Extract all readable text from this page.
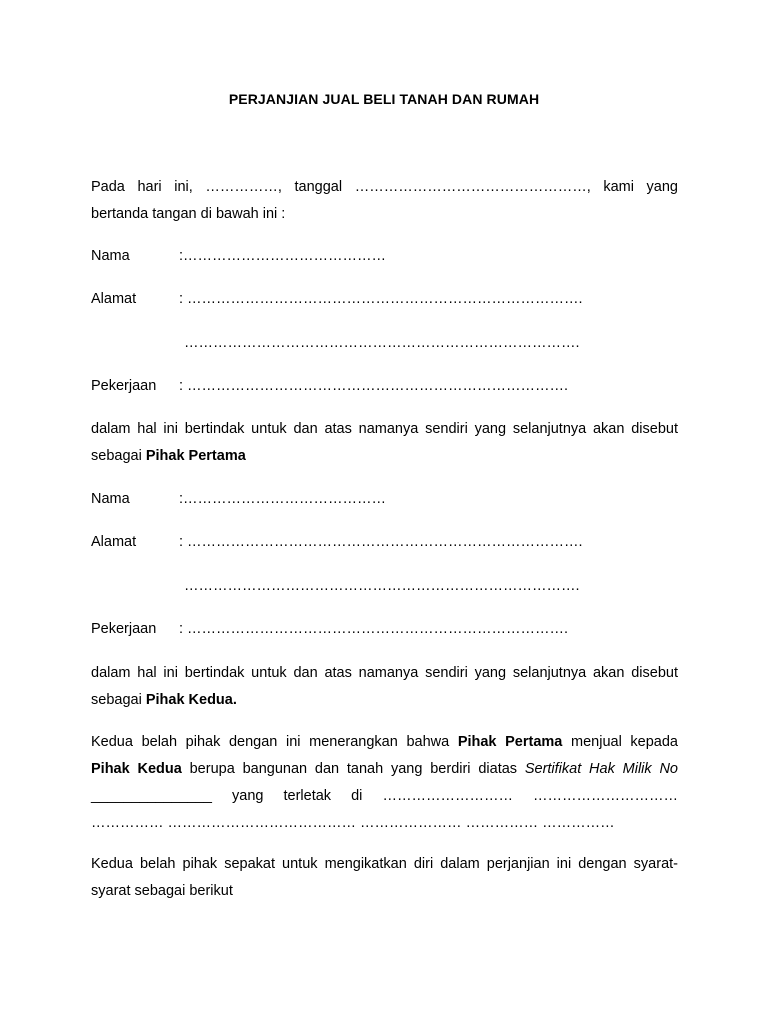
PERJANJIAN JUAL BELI TANAH DAN RUMAH
Pada hari ini, ……………, tanggal …………………………………………, kami yang
bertanda tangan di bawah ini :
Nama	:……………………………………
Alamat	: ……………………………………………………………………….
……………………………………………………………………….
Pekerjaan : …………………………………………………………………….
dalam hal ini bertindak untuk dan atas namanya sendiri yang selanjutnya akan disebut
sebagai Pihak Pertama
Nama	:……………………………………
Alamat	: ……………………………………………………………………….
……………………………………………………………………….
Pekerjaan : …………………………………………………………………….
dalam hal ini bertindak untuk dan atas namanya sendiri yang selanjutnya akan disebut
sebagai Pihak Kedua.
Kedua belah pihak dengan ini menerangkan bahwa Pihak Pertama menjual kepada
Pihak Kedua berupa bangunan dan tanah yang berdiri diatas Sertifikat Hak Milik No
_______________ yang terletak di ……………………… …………………………
…………… ………………………………… ………………… …………… ……………
Kedua belah pihak sepakat untuk mengikatkan diri dalam perjanjian ini dengan syarat-
syarat sebagai berikut
